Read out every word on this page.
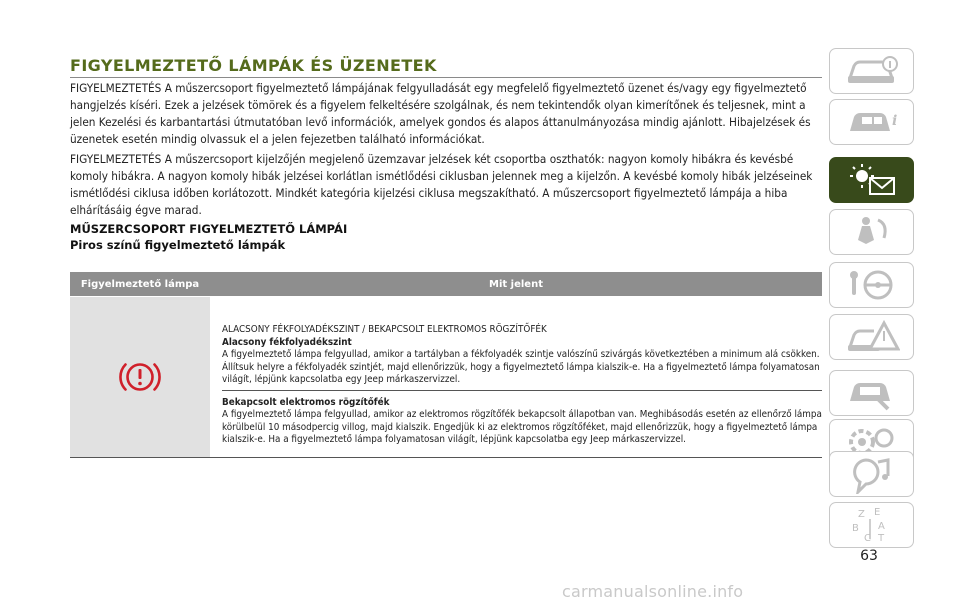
FIGYELMEZTETŐ LÁMPÁK ÉS ÜZENETEK
FIGYELMEZTETÉS A műszercsoport figyelmeztető lámpájának felgyulladását egy megfelelő figyelmeztető üzenet és/vagy egy figyelmeztető hangjelzés kíséri. Ezek a jelzések tömörek és a figyelem felkeltésére szolgálnak, és nem tekintendők olyan kimerítőnek és teljesnek, mint a jelen Kezelési és karbantartási útmutatóban levő információk, amelyek gondos és alapos áttanulmányozása mindig ajánlott. Hibajelzések és üzenetek esetén mindig olvassuk el a jelen fejezetben található információkat.
FIGYELMEZTETÉS A műszercsoport kijelzőjén megjelenő üzemzavar jelzések két csoportba oszthatók: nagyon komoly hibákra és kevésbé komoly hibákra. A nagyon komoly hibák jelzései korlátlan ismétlődési ciklusban jelennek meg a kijelzőn. A kevésbé komoly hibák jelzéseinek ismétlődési ciklusa időben korlátozott. Mindkét kategória kijelzési ciklusa megszakítható. A műszercsoport figyelmeztető lámpája a hiba elhárításáig égve marad.
MŰSZERCSOPORT FIGYELMEZTETŐ LÁMPÁI
Piros színű figyelmeztető lámpák
Figyelmeztető lámpa	Mit jelent
ALACSONY FÉKFOLYADÉKSZINT / BEKAPCSOLT ELEKTROMOS RÖGZÍTŐFÉK
Alacsony fékfolyadékszint
A figyelmeztető lámpa felgyullad, amikor a tartályban a fékfolyadék szintje valószínű szivárgás következtében a minimum alá csökken. Állítsuk helyre a fékfolyadék szintjét, majd ellenőrizzük, hogy a figyelmeztető lámpa kialszik-e. Ha a figyelmeztető lámpa folyamatosan világít, lépjünk kapcsolatba egy Jeep márkaszervizzel.
Bekapcsolt elektromos rögzítőfék
A figyelmeztető lámpa felgyullad, amikor az elektromos rögzítőfék bekapcsolt állapotban van. Meghibásodás esetén az ellenőrző lámpa körülbelül 10 másodpercig villog, majd kialszik. Engedjük ki az elektromos rögzítőféket, majd ellenőrizzük, hogy a figyelmeztető lámpa kialszik-e. Ha a figyelmeztető lámpa folyamatosan világít, lépjünk kapcsolatba egy Jeep márkaszervizzel.
i
Z E
B A
C T
63
carmanualsonline.info
